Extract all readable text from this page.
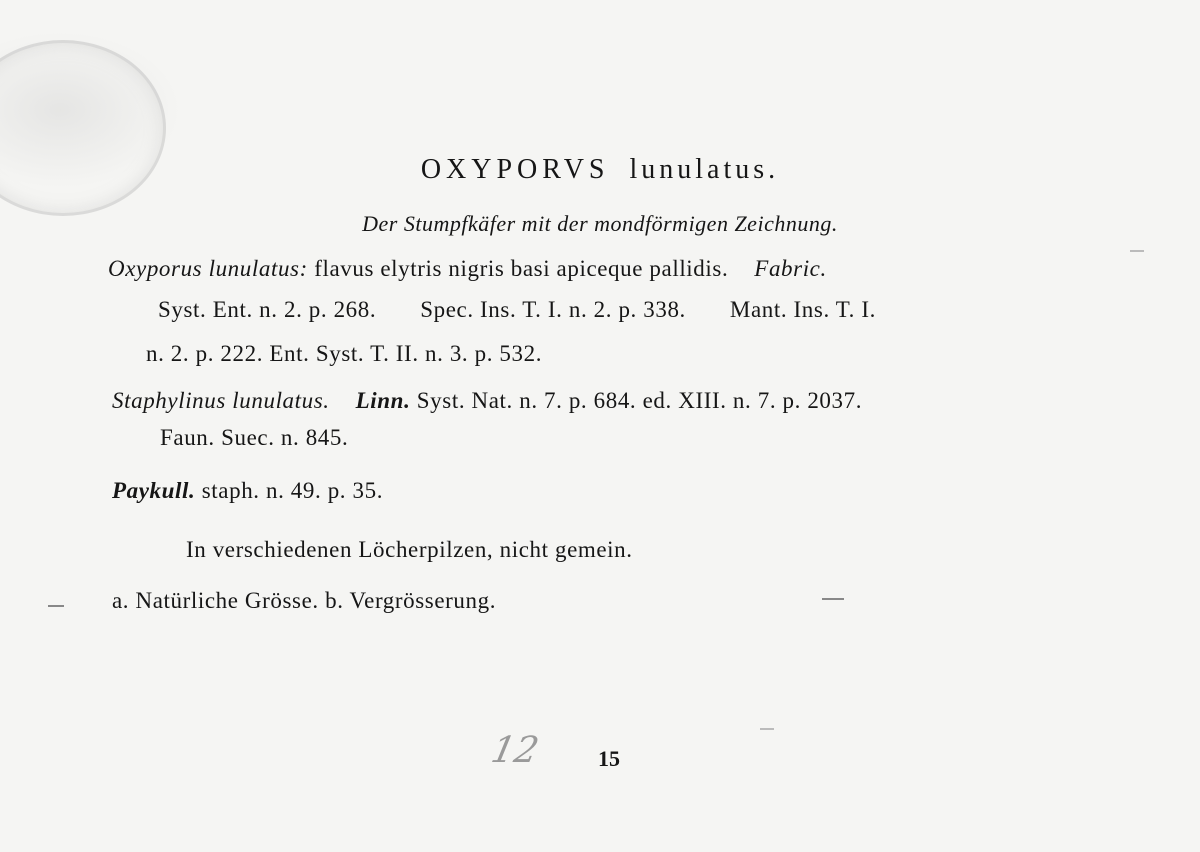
OXYPORVS lunulatus.
Der Stumpfkäfer mit der mondförmigen Zeichnung.
Oxyporus lunulatus: flavus elytris nigris basi apiceque pallidis. Fabric.
Syst. Ent. n. 2. p. 268. Spec. Ins. T. I. n. 2. p. 338. Mant. Ins. T. I.
n. 2. p. 222. Ent. Syst. T. II. n. 3. p. 532.
Staphylinus lunulatus. Linn. Syst. Nat. n. 7. p. 684. ed. XIII. n. 7. p. 2037.
Faun. Suec. n. 845.
Paykull. staph. n. 49. p. 35.
In verschiedenen Löcherpilzen, nicht gemein.
a. Natürliche Grösse. b. Vergrösserung.
12	15
